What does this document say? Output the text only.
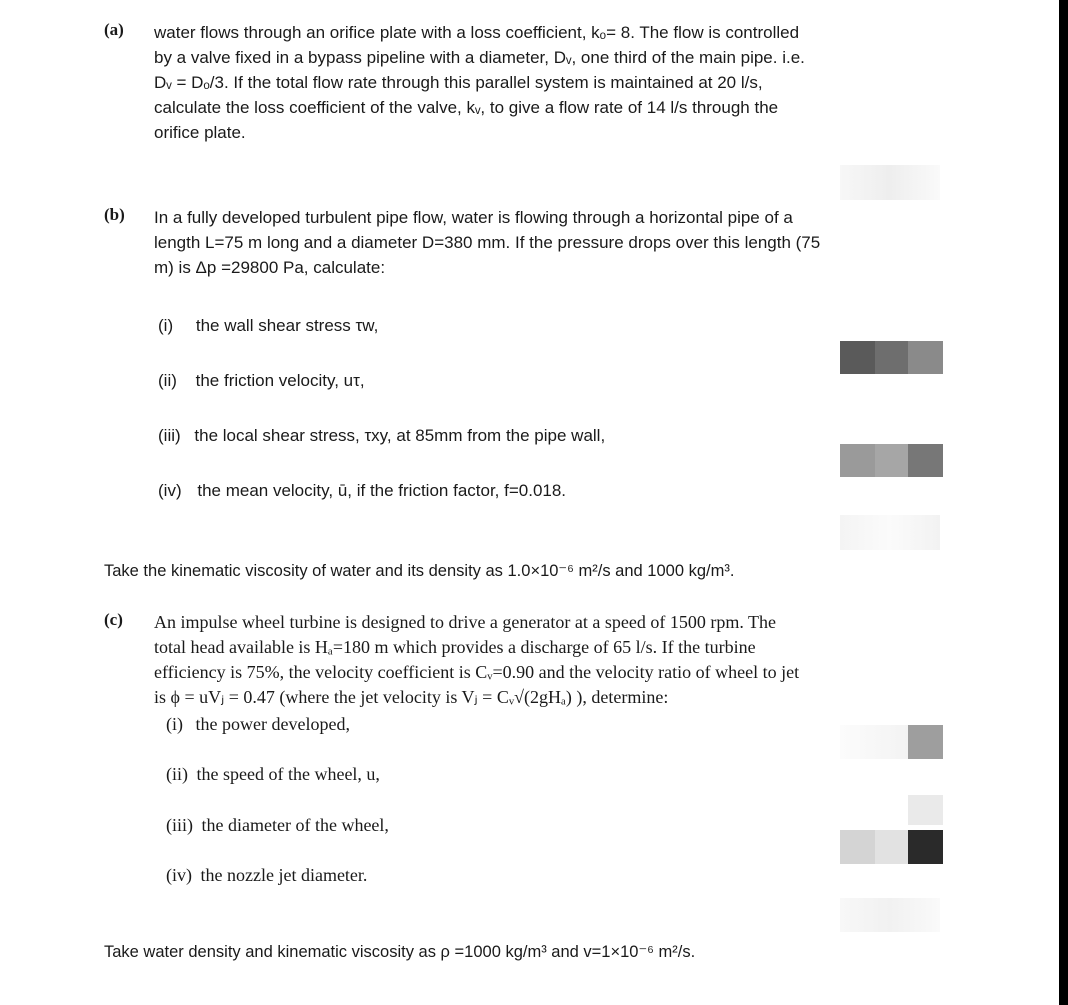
(a) water flows through an orifice plate with a loss coefficient, kₒ= 8. The flow is controlled
by a valve fixed in a bypass pipeline with a diameter, Dᵥ, one third of the main pipe. i.e.
Dᵥ = Dₒ/3. If the total flow rate through this parallel system is maintained at 20 l/s,
calculate the loss coefficient of the valve, kᵥ, to give a flow rate of 14 l/s through the
orifice plate.

(b) In a fully developed turbulent pipe flow, water is flowing through a horizontal pipe of a
length L=75 m long and a diameter D=380 mm. If the pressure drops over this length (75
m) is Δp =29800 Pa, calculate:

(i) the wall shear stress τw,
(ii) the friction velocity, uτ,
(iii) the local shear stress, τxy, at 85mm from the pipe wall,
(iv) the mean velocity, ū, if the friction factor, f=0.018.
Take the kinematic viscosity of water and its density as 1.0×10⁻⁶ m²/s and 1000 kg/m³.
(c) An impulse wheel turbine is designed to drive a generator at a speed of 1500 rpm. The
total head available is Hₐ=180 m which provides a discharge of 65 l/s. If the turbine
efficiency is 75%, the velocity coefficient is Cᵥ=0.90 and the velocity ratio of wheel to jet
is ϕ = uVⱼ = 0.47 (where the jet velocity is Vⱼ = Cᵥ√(2gHₐ) ), determine:

(i) the power developed,
(ii) the speed of the wheel, u,
(iii) the diameter of the wheel,
(iv) the nozzle jet diameter.
Take water density and kinematic viscosity as ρ =1000 kg/m³ and v=1×10⁻⁶ m²/s.
